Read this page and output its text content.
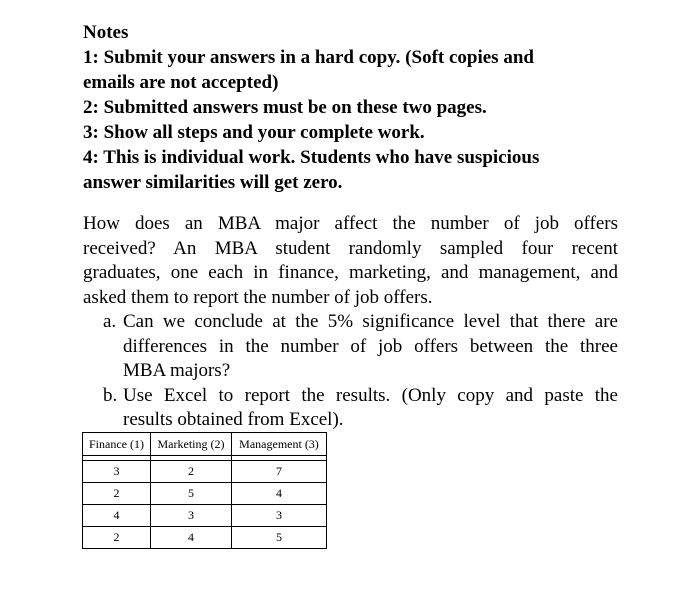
Notes
1: Submit your answers in a hard copy. (Soft copies and
emails are not accepted)
2: Submitted answers must be on these two pages.
3: Show all steps and your complete work.
4: This is individual work. Students who have suspicious
answer similarities will get zero.
How does an MBA major affect the number of job offers
received? An MBA student randomly sampled four recent
graduates, one each in finance, marketing, and management, and
asked them to report the number of job offers.
a. Can we conclude at the 5% significance level that there are
differences in the number of job offers between the three
MBA majors?
b. Use Excel to report the results. (Only copy and paste the
results obtained from Excel).
Finance (1)	Marketing (2)	Management (3)

3	2	7
2	5	4
4	3	3
2	4	5
